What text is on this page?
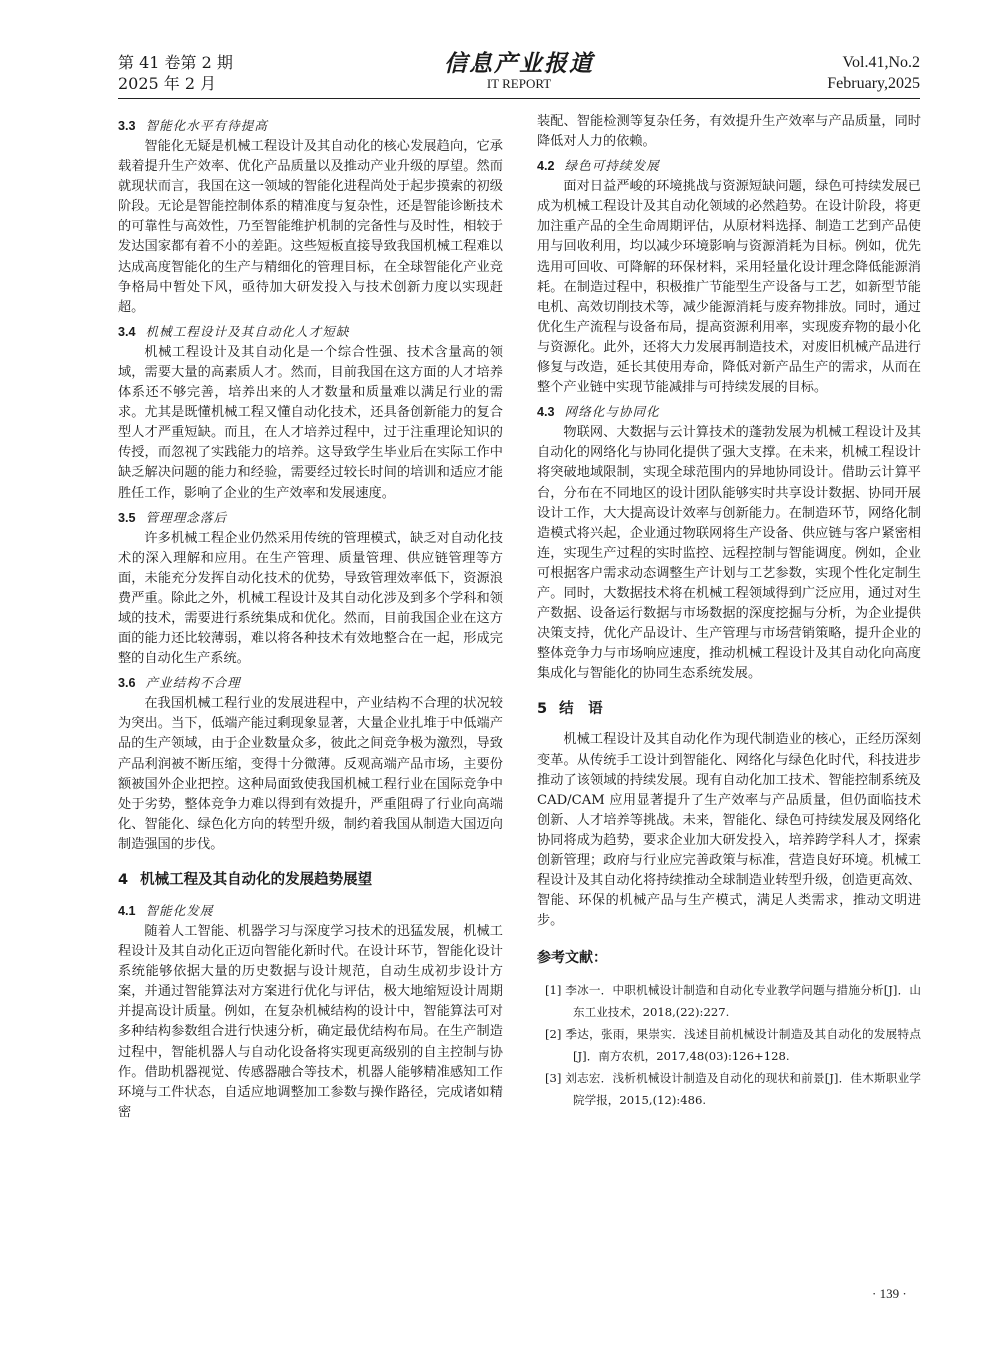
第 41 卷第 2 期
2025 年 2 月
信息产业报道
IT REPORT
Vol.41,No.2
February,2025
3.3 智能化水平有待提高

智能化无疑是机械工程设计及其自动化的核心发展趋向，它承载着提升生产效率、优化产品质量以及推动产业升级的厚望。然而就现状而言，我国在这一领域的智能化进程尚处于起步摸索的初级阶段。无论是智能控制体系的精准度与复杂性，还是智能诊断技术的可靠性与高效性，乃至智能维护机制的完备性与及时性，相较于发达国家都有着不小的差距。这些短板直接导致我国机械工程难以达成高度智能化的生产与精细化的管理目标，在全球智能化产业竞争格局中暂处下风，亟待加大研发投入与技术创新力度以实现赶超。

3.4 机械工程设计及其自动化人才短缺

机械工程设计及其自动化是一个综合性强、技术含量高的领域，需要大量的高素质人才。然而，目前我国在这方面的人才培养体系还不够完善，培养出来的人才数量和质量难以满足行业的需求。尤其是既懂机械工程又懂自动化技术，还具备创新能力的复合型人才严重短缺。而且，在人才培养过程中，过于注重理论知识的传授，而忽视了实践能力的培养。这导致学生毕业后在实际工作中缺乏解决问题的能力和经验，需要经过较长时间的培训和适应才能胜任工作，影响了企业的生产效率和发展速度。

3.5 管理理念落后

许多机械工程企业仍然采用传统的管理模式，缺乏对自动化技术的深入理解和应用。在生产管理、质量管理、供应链管理等方面，未能充分发挥自动化技术的优势，导致管理效率低下，资源浪费严重。除此之外，机械工程设计及其自动化涉及到多个学科和领域的技术，需要进行系统集成和优化。然而，目前我国企业在这方面的能力还比较薄弱，难以将各种技术有效地整合在一起，形成完整的自动化生产系统。

3.6 产业结构不合理

在我国机械工程行业的发展进程中，产业结构不合理的状况较为突出。当下，低端产能过剩现象显著，大量企业扎堆于中低端产品的生产领域，由于企业数量众多，彼此之间竞争极为激烈，导致产品利润被不断压缩，变得十分微薄。反观高端产品市场，主要份额被国外企业把控。这种局面致使我国机械工程行业在国际竞争中处于劣势，整体竞争力难以得到有效提升，严重阻碍了行业向高端化、智能化、绿色化方向的转型升级，制约着我国从制造大国迈向制造强国的步伐。

4 机械工程及其自动化的发展趋势展望
4.1 智能化发展

随着人工智能、机器学习与深度学习技术的迅猛发展，机械工程设计及其自动化正迈向智能化新时代。在设计环节，智能化设计系统能够依据大量的历史数据与设计规范，自动生成初步设计方案，并通过智能算法对方案进行优化与评估，极大地缩短设计周期并提高设计质量。例如，在复杂机械结构的设计中，智能算法可对多种结构参数组合进行快速分析，确定最优结构布局。在生产制造过程中，智能机器人与自动化设备将实现更高级别的自主控制与协作。借助机器视觉、传感器融合等技术，机器人能够精准感知工作环境与工件状态，自适应地调整加工参数与操作路径，完成诸如精密

装配、智能检测等复杂任务，有效提升生产效率与产品质量，同时降低对人力的依赖。

4.2 绿色可持续发展

面对日益严峻的环境挑战与资源短缺问题，绿色可持续发展已成为机械工程设计及其自动化领域的必然趋势。在设计阶段，将更加注重产品的全生命周期评估，从原材料选择、制造工艺到产品使用与回收利用，均以减少环境影响与资源消耗为目标。例如，优先选用可回收、可降解的环保材料，采用轻量化设计理念降低能源消耗。在制造过程中，积极推广节能型生产设备与工艺，如新型节能电机、高效切削技术等，减少能源消耗与废弃物排放。同时，通过优化生产流程与设备布局，提高资源利用率，实现废弃物的最小化与资源化。此外，还将大力发展再制造技术，对废旧机械产品进行修复与改造，延长其使用寿命，降低对新产品生产的需求，从而在整个产业链中实现节能减排与可持续发展的目标。

4.3 网络化与协同化

物联网、大数据与云计算技术的蓬勃发展为机械工程设计及其自动化的网络化与协同化提供了强大支撑。在未来，机械工程设计将突破地域限制，实现全球范围内的异地协同设计。借助云计算平台，分布在不同地区的设计团队能够实时共享设计数据、协同开展设计工作，大大提高设计效率与创新能力。在制造环节，网络化制造模式将兴起，企业通过物联网将生产设备、供应链与客户紧密相连，实现生产过程的实时监控、远程控制与智能调度。例如，企业可根据客户需求动态调整生产计划与工艺参数，实现个性化定制生产。同时，大数据技术将在机械工程领域得到广泛应用，通过对生产数据、设备运行数据与市场数据的深度挖掘与分析，为企业提供决策支持，优化产品设计、生产管理与市场营销策略，提升企业的整体竞争力与市场响应速度，推动机械工程设计及其自动化向高度集成化与智能化的协同生态系统发展。

5 结　语

机械工程设计及其自动化作为现代制造业的核心，正经历深刻变革。从传统手工设计到智能化、网络化与绿色化时代，科技进步推动了该领域的持续发展。现有自动化加工技术、智能控制系统及 CAD/CAM 应用显著提升了生产效率与产品质量，但仍面临技术创新、人才培养等挑战。未来，智能化、绿色可持续发展及网络化协同将成为趋势，要求企业加大研发投入，培养跨学科人才，探索创新管理；政府与行业应完善政策与标准，营造良好环境。机械工程设计及其自动化将持续推动全球制造业转型升级，创造更高效、智能、环保的机械产品与生产模式，满足人类需求，推动文明进步。

参考文献：
[1] 李冰一．中职机械设计制造和自动化专业教学问题与措施分析[J]．山东工业技术，2018,(22):227.
[2] 季达，张雨，果崇实．浅述目前机械设计制造及其自动化的发展特点[J]．南方农机，2017,48(03):126+128.
[3] 刘志宏．浅析机械设计制造及自动化的现状和前景[J]．佳木斯职业学院学报，2015,(12):486.
· 139 ·
